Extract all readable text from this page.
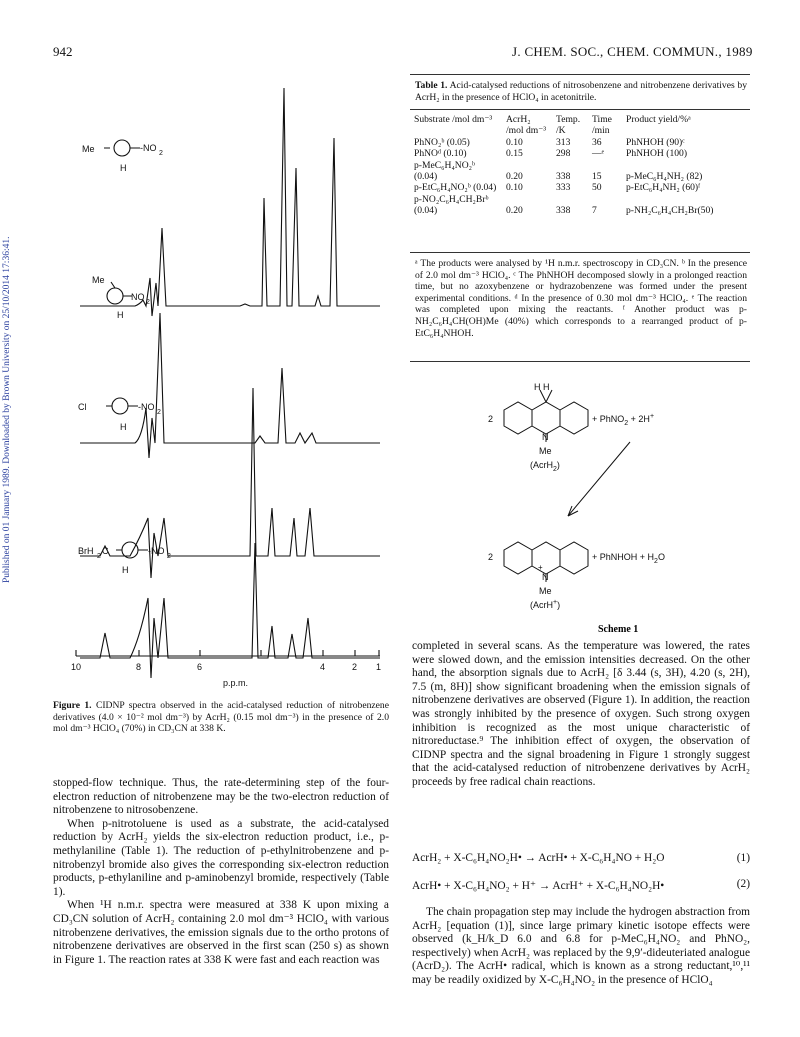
942	J. CHEM. SOC., CHEM. COMMUN., 1989
Published on 01 January 1989. Downloaded by Brown University on 25/10/2014 17:36:41.
Me	-NO
2
H
Me
NO
2
H
Cl	-NO
2
H
BrH
2
C	-NO
2
H
10	8	6	4	2 1
p.p.m.
Figure 1. CIDNP spectra observed in the acid-catalysed reduction of nitrobenzene derivatives (4.0 × 10⁻² mol dm⁻³) by AcrH₂ (0.15 mol dm⁻³) in the presence of 2.0 mol dm⁻³ HClO₄ (70%) in CD₃CN at 338 K.
stopped-flow technique. Thus, the rate-determining step of the four-electron reduction of nitrobenzene may be the two-electron reduction of nitrobenzene to nitrosobenzene.
When p-nitrotoluene is used as a substrate, the acid-catalysed reduction by AcrH₂ yields the six-electron reduction product, i.e., p-methylaniline (Table 1). The reduction of p-ethylnitrobenzene and p-nitrobenzyl bromide also gives the corresponding six-electron reduction products, p-ethylaniline and p-aminobenzyl bromide, respectively (Table 1).
When ¹H n.m.r. spectra were measured at 338 K upon mixing a CD₃CN solution of AcrH₂ containing 2.0 mol dm⁻³ HClO₄ with various nitrobenzene derivatives, the emission signals due to the ortho protons of nitrobenzene derivatives are observed in the first scan (250 s) as shown in Figure 1. The reaction rates at 338 K were fast and each reaction was
Table 1. Acid-catalysed reductions of nitrosobenzene and nitrobenzene derivatives by AcrH₂ in the presence of HClO₄ in acetonitrile.
Substrate /mol dm⁻³	AcrH₂ /mol dm⁻³	Temp. /K	Time /min	Product yield/%ᵃ
PhNO₂ᵇ (0.05)	0.10	313	36	PhNHOH (90)ᶜ
PhNOᵈ (0.10)	0.15	298	—ᵉ	PhNHOH (100)
p-MeC₆H₄NO₂ᵇ (0.04)	0.20	338	15	p-MeC₆H₄NH₂ (82)
p-EtC₆H₄NO₂ᵇ (0.04)	0.10	333	50	p-EtC₆H₄NH₂ (60)ᶠ
p-NO₂C₆H₄CH₂Brᵇ (0.04)	0.20	338	7	p-NH₂C₆H₄CH₂Br(50)
ᵃ The products were analysed by ¹H n.m.r. spectroscopy in CD₃CN. ᵇ In the presence of 2.0 mol dm⁻³ HClO₄. ᶜ The PhNHOH decomposed slowly in a prolonged reaction time, but no azoxybenzene or hydrazobenzene was formed under the present experimental conditions. ᵈ In the presence of 0.30 mol dm⁻³ HClO₄. ᵉ The reaction was completed upon mixing the reactants. ᶠ Another product was p-NH₂C₆H₄CH(OH)Me (40%) which corresponds to a rearranged product of p-EtC₆H₄NHOH.
H H
2	+ PhNO$_2$ + 2H+
N
Me
(AcrH$_2$)
2	+ PhNHOH + $H_2O$
+
N
Me
(AcrH+)
Scheme 1
completed in several scans. As the temperature was lowered, the rates were slowed down, and the emission intensities decreased. On the other hand, the absorption signals due to AcrH₂ [δ 3.44 (s, 3H), 4.20 (s, 2H), 7.5 (m, 8H)] show significant broadening when the emission signals of nitrobenzene derivatives are observed (Figure 1). In addition, the reaction was strongly inhibited by the presence of oxygen. Such strong oxygen inhibition is recognized as the most unique characteristic of nitroreductase.⁹ The inhibition effect of oxygen, the observation of CIDNP spectra and the signal broadening in Figure 1 strongly suggest that the acid-catalysed reduction of nitrobenzene derivatives by AcrH₂ proceeds by free radical chain reactions.
AcrH₂ + X-C₆H₄NO₂H• → AcrH• + X-C₆H₄NO + H₂O	(1)
AcrH• + X-C₆H₄NO₂ + H⁺ → AcrH⁺ + X-C₆H₄NO₂H•	(2)
The chain propagation step may include the hydrogen abstraction from AcrH₂ [equation (1)], since large primary kinetic isotope effects were observed (k_H/k_D 6.0 and 6.8 for p-MeC₆H₄NO₂ and PhNO₂, respectively) when AcrH₂ was replaced by the 9,9′-dideuteriated analogue (AcrD₂). The AcrH• radical, which is known as a strong reductant,¹⁰,¹¹ may be readily oxidized by X-C₆H₄NO₂ in the presence of HClO₄
